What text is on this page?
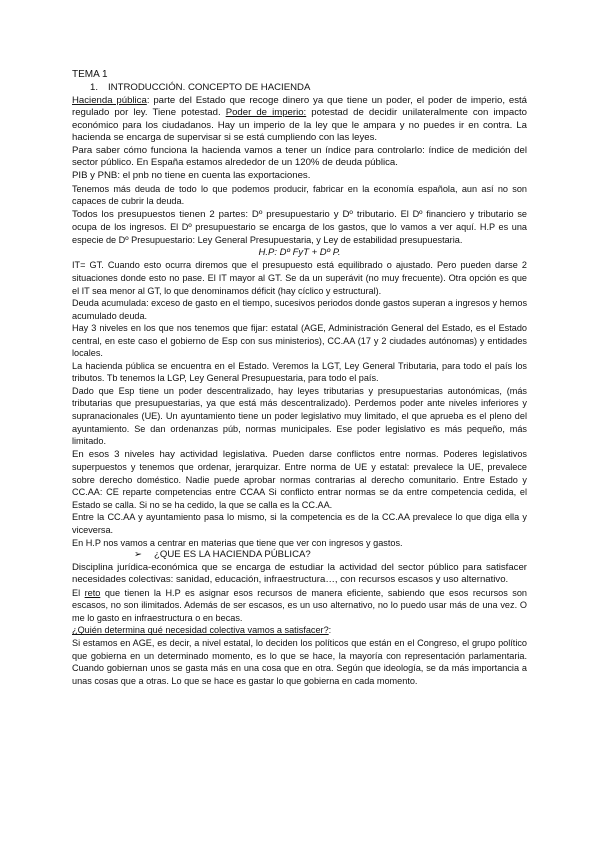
TEMA 1

1. INTRODUCCIÓN. CONCEPTO DE HACIENDA

Hacienda pública: parte del Estado que recoge dinero ya que tiene un poder, el poder de imperio, está regulado por ley. Tiene potestad. Poder de imperio: potestad de decidir unilateralmente con impacto económico para los ciudadanos. Hay un imperio de la ley que le ampara y no puedes ir en contra. La hacienda se encarga de supervisar si se está cumpliendo con las leyes.

Para saber cómo funciona la hacienda vamos a tener un índice para controlarlo: índice de medición del sector público. En España estamos alrededor de un 120% de deuda pública.

PIB y PNB: el pnb no tiene en cuenta las exportaciones.

Tenemos más deuda de todo lo que podemos producir, fabricar en la economía española, aun así no son capaces de cubrir la deuda.

Todos los presupuestos tienen 2 partes: Dº presupuestario y Dº tributario. El Dº financiero y tributario se ocupa de los ingresos. El Dº presupuestario se encarga de los gastos, que lo vamos a ver aquí. H.P es una especie de Dº Presupuestario: Ley General Presupuestaria, y Ley de estabilidad presupuestaria.

H.P: Dº FyT + Dº P.

IT= GT. Cuando esto ocurra diremos que el presupuesto está equilibrado o ajustado. Pero pueden darse 2 situaciones donde esto no pase. El IT mayor al GT. Se da un superávit (no muy frecuente). Otra opción es que el IT sea menor al GT, lo que denominamos déficit (hay cíclico y estructural).

Deuda acumulada: exceso de gasto en el tiempo, sucesivos periodos donde gastos superan a ingresos y hemos acumulado deuda.

Hay 3 niveles en los que nos tenemos que fijar: estatal (AGE, Administración General del Estado, es el Estado central, en este caso el gobierno de Esp con sus ministerios), CC.AA (17 y 2 ciudades autónomas) y entidades locales.

La hacienda pública se encuentra en el Estado. Veremos la LGT, Ley General Tributaria, para todo el país los tributos. Tb tenemos la LGP, Ley General Presupuestaria, para todo el país.

Dado que Esp tiene un poder descentralizado, hay leyes tributarias y presupuestarias autonómicas, (más tributarias que presupuestarias, ya que está más descentralizado). Perdemos poder ante niveles inferiores y supranacionales (UE). Un ayuntamiento tiene un poder legislativo muy limitado, el que aprueba es el pleno del ayuntamiento. Se dan ordenanzas púb, normas municipales. Ese poder legislativo es más pequeño, más limitado.

En esos 3 niveles hay actividad legislativa. Pueden darse conflictos entre normas. Poderes legislativos superpuestos y tenemos que ordenar, jerarquizar. Entre norma de UE y estatal: prevalece la UE, prevalece sobre derecho doméstico. Nadie puede aprobar normas contrarias al derecho comunitario. Entre Estado y CC.AA: CE reparte competencias entre CCAA Si conflicto entrar normas se da entre competencia cedida, el Estado se calla. Si no se ha cedido, la que se calla es la CC.AA.

Entre la CC.AA y ayuntamiento pasa lo mismo, si la competencia es de la CC.AA prevalece lo que diga ella y viceversa.

En H.P nos vamos a centrar en materias que tiene que ver con ingresos y gastos.

➢ ¿QUE ES LA HACIENDA PÚBLICA?

Disciplina jurídica-económica que se encarga de estudiar la actividad del sector público para satisfacer necesidades colectivas: sanidad, educación, infraestructura…, con recursos escasos y uso alternativo.

El reto que tienen la H.P es asignar esos recursos de manera eficiente, sabiendo que esos recursos son escasos, no son ilimitados. Además de ser escasos, es un uso alternativo, no lo puedo usar más de una vez. O me lo gasto en infraestructura o en becas.

¿Quién determina qué necesidad colectiva vamos a satisfacer?:

Si estamos en AGE, es decir, a nivel estatal, lo deciden los políticos que están en el Congreso, el grupo político que gobierna en un determinado momento, es lo que se hace, la mayoría con representación parlamentaria. Cuando gobiernan unos se gasta más en una cosa que en otra. Según que ideología, se da más importancia a unas cosas que a otras. Lo que se hace es gastar lo que gobierna en cada momento.
